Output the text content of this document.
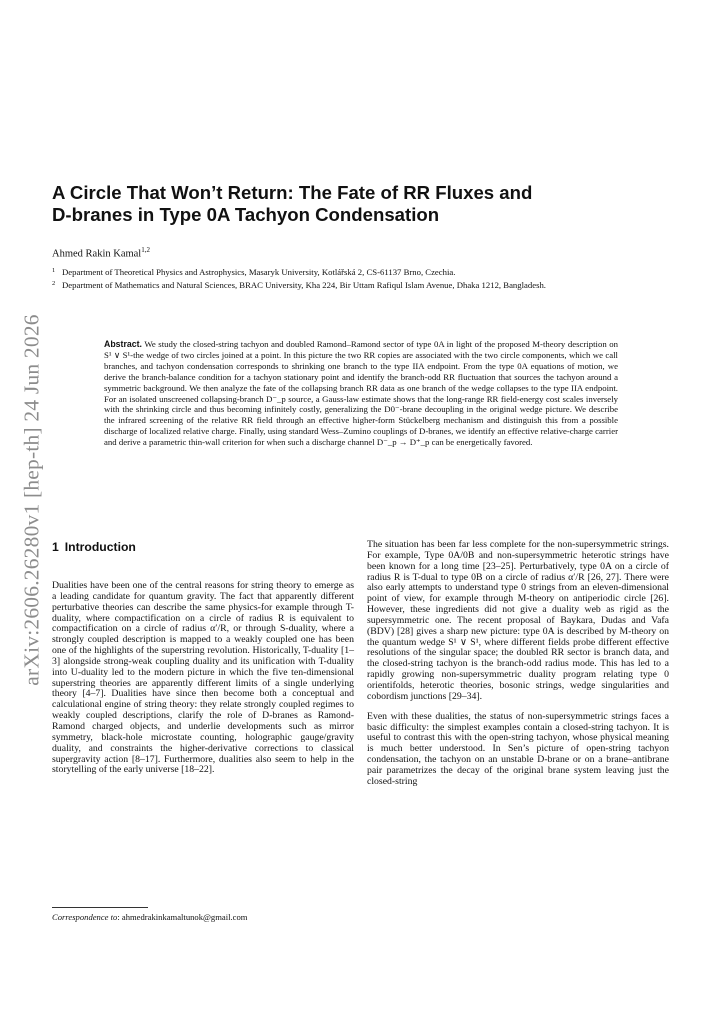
arXiv:2606.26280v1 [hep-th] 24 Jun 2026
A Circle That Won’t Return: The Fate of RR Fluxes and
D-branes in Type 0A Tachyon Condensation
Ahmed Rakin Kamal$^{1,2}$
1 Department of Theoretical Physics and Astrophysics, Masaryk University, Kotlářská 2, CS-61137 Brno, Czechia.
2 Department of Mathematics and Natural Sciences, BRAC University, Kha 224, Bir Uttam Rafiqul Islam Avenue, Dhaka 1212, Bangladesh.

Abstract. We study the closed-string tachyon and doubled Ramond–Ramond sector of type 0A in light of the proposed M-theory description on S¹ ∨ S¹-the wedge of two circles joined at a point. In this picture the two RR copies are associated with the two circle components, which we call branches, and tachyon condensation corresponds to shrinking one branch to the type IIA endpoint. From the type 0A equations of motion, we derive the branch-balance condition for a tachyon stationary point and identify the branch-odd RR fluctuation that sources the tachyon around a symmetric background. We then analyze the fate of the collapsing branch RR data as one branch of the wedge collapses to the type IIA endpoint. For an isolated unscreened collapsing-branch D⁻_p source, a Gauss-law estimate shows that the long-range RR field-energy cost scales inversely with the shrinking circle and thus becoming infinitely costly, generalizing the D0⁻-brane decoupling in the original wedge picture. We describe the infrared screening of the relative RR field through an effective higher-form Stückelberg mechanism and distinguish this from a possible discharge of localized relative charge. Finally, using standard Wess–Zumino couplings of D-branes, we identify an effective relative-charge carrier and derive a parametric thin-wall criterion for when such a discharge channel D⁻_p → D⁺_p can be energetically favored.

1 Introduction

Dualities have been one of the central reasons for string theory to emerge as a leading candidate for quantum gravity. The fact that apparently different perturbative theories can describe the same physics-for example through T-duality, where compactification on a circle of radius R is equivalent to compactification on a circle of radius α′/R, or through S-duality, where a strongly coupled description is mapped to a weakly coupled one has been one of the highlights of the superstring revolution. Historically, T-duality [1–3] alongside strong-weak coupling duality and its unification with T-duality into U-duality led to the modern picture in which the five ten-dimensional superstring theories are apparently different limits of a single underlying theory [4–7]. Dualities have since then become both a conceptual and calculational engine of string theory: they relate strongly coupled regimes to weakly coupled descriptions, clarify the role of D-branes as Ramond-Ramond charged objects, and underlie developments such as mirror symmetry, black-hole microstate counting, holographic gauge/gravity duality, and constraints the higher-derivative corrections to classical supergravity action [8–17]. Furthermore, dualities also seem to help in the storytelling of the early universe [18–22].

The situation has been far less complete for the non-supersymmetric strings. For example, Type 0A/0B and non-supersymmetric heterotic strings have been known for a long time [23–25]. Perturbatively, type 0A on a circle of radius R is T-dual to type 0B on a circle of radius α′/R [26, 27]. There were also early attempts to understand type 0 strings from an eleven-dimensional point of view, for example through M-theory on antiperiodic circle [26]. However, these ingredients did not give a duality web as rigid as the supersymmetric one. The recent proposal of Baykara, Dudas and Vafa (BDV) [28] gives a sharp new picture: type 0A is described by M-theory on the quantum wedge S¹ ∨ S¹, where different fields probe different effective resolutions of the singular space; the doubled RR sector is branch data, and the closed-string tachyon is the branch-odd radius mode. This has led to a rapidly growing non-supersymmetric duality program relating type 0 orientifolds, heterotic theories, bosonic strings, wedge singularities and cobordism junctions [29–34].

Even with these dualities, the status of non-supersymmetric strings faces a basic difficulty: the simplest examples contain a closed-string tachyon. It is useful to contrast this with the open-string tachyon, whose physical meaning is much better understood. In Sen’s picture of open-string tachyon condensation, the tachyon on an unstable D-brane or on a brane–antibrane pair parametrizes the decay of the original brane system leaving just the closed-string

Correspondence to: ahmedrakinkamaltunok@gmail.com
